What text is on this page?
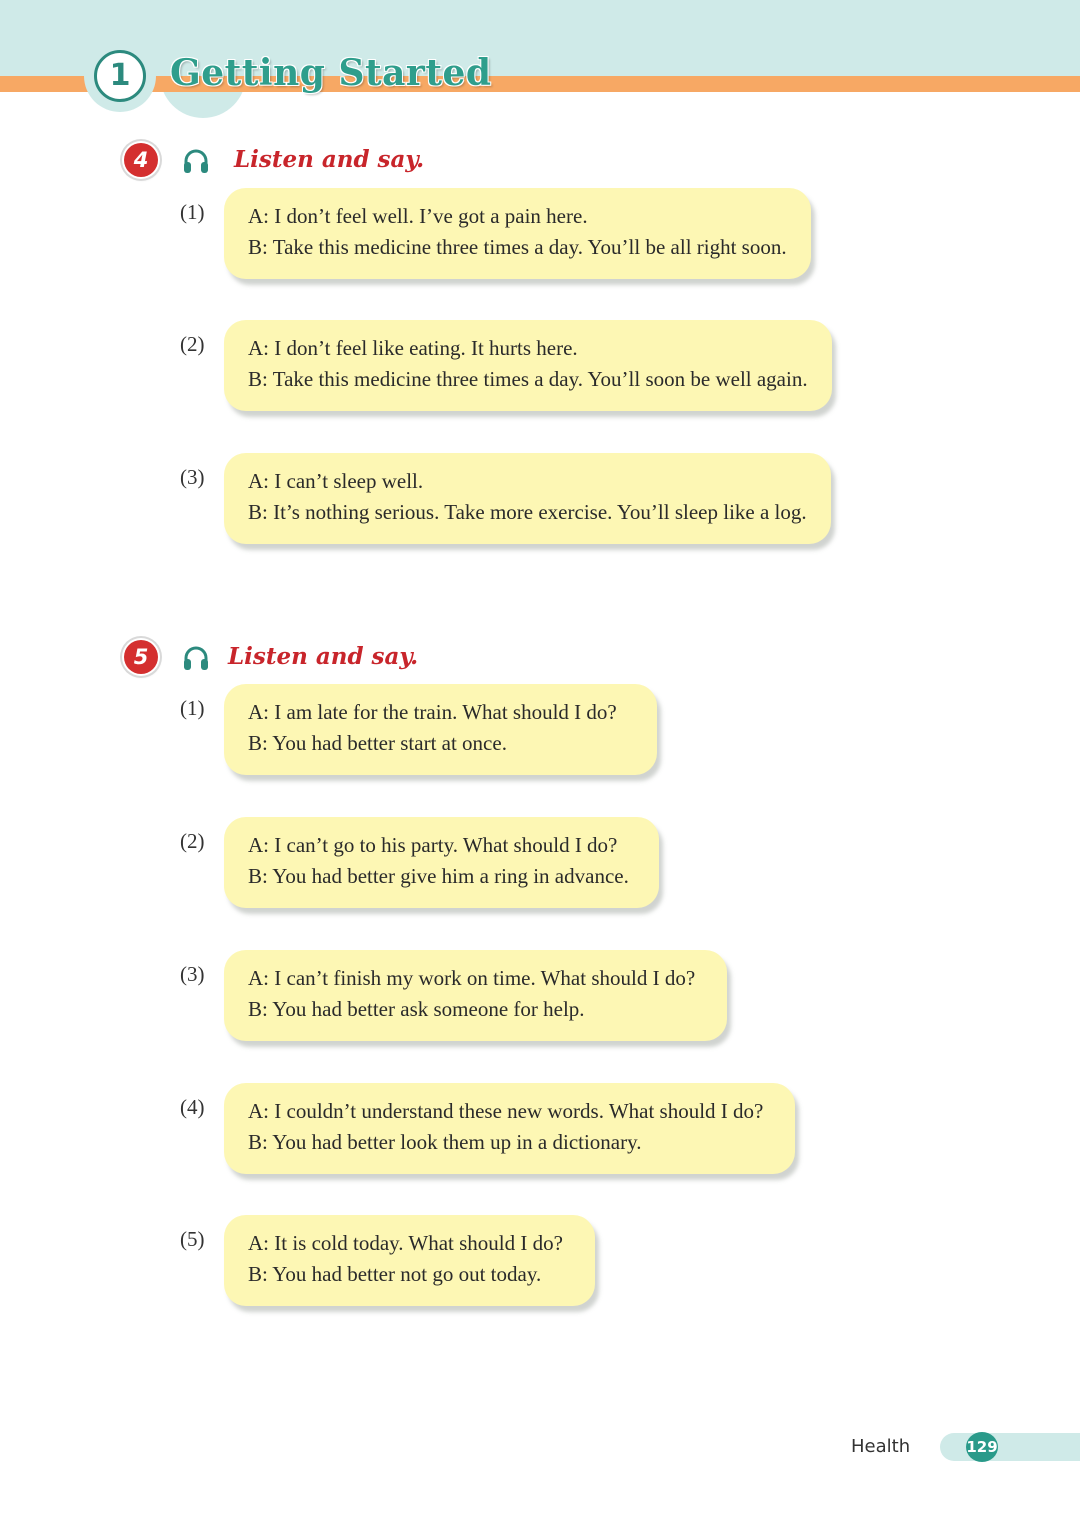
1	Getting Started
4	Listen and say.
(1) A: I don’t feel well. I’ve got a pain here.
B: Take this medicine three times a day. You’ll be all right soon.
(2) A: I don’t feel like eating. It hurts here.
B: Take this medicine three times a day. You’ll soon be well again.
(3) A: I can’t sleep well.
B: It’s nothing serious. Take more exercise. You’ll sleep like a log.
5	Listen and say.
(1) A: I am late for the train. What should I do?
B: You had better start at once.
(2) A: I can’t go to his party. What should I do?
B: You had better give him a ring in advance.
(3) A: I can’t finish my work on time. What should I do?
B: You had better ask someone for help.
(4) A: I couldn’t understand these new words. What should I do?
B: You had better look them up in a dictionary.
(5) A: It is cold today. What should I do?
B: You had better not go out today.
Health	129
